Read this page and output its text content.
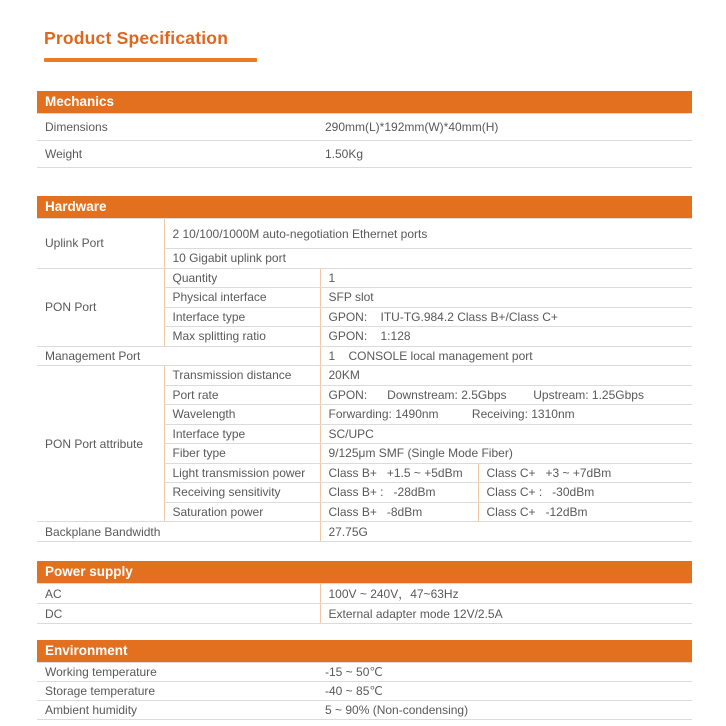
Product Specification
Mechanics
Dimensions	290mm(L)*192mm(W)*40mm(H)
Weight	1.50Kg
Hardware
Uplink Port	2 10/100/1000M auto-negotiation Ethernet ports		
	10 Gigabit uplink port		
PON Port	Quantity	1	
	Physical interface	SFP slot	
	Interface type	GPON:    ITU-TG.984.2 Class B+/Class C+	
	Max splitting ratio	GPON:    1:128	
Management Port		1    CONSOLE local management port	
PON Port attribute	Transmission distance	20KM	
	Port rate	GPON:      Downstream: 2.5Gbps        Upstream: 1.25Gbps	
	Wavelength	Forwarding: 1490nm          Receiving: 1310nm	
	Interface type	SC/UPC	
	Fiber type	9/125μm SMF (Single Mode Fiber)	
	Light transmission power	Class B+   +1.5 ~ +5dBm	Class C+   +3 ~ +7dBm
	Receiving sensitivity	Class B+ :   -28dBm	Class C+ :   -30dBm
	Saturation power	Class B+   -8dBm	Class C+   -12dBm
Backplane Bandwidth		27.75G	
Power supply
AC	100V ~ 240V，47~63Hz
DC	External adapter mode 12V/2.5A
Environment
Working temperature	-15 ~ 50℃
Storage temperature	-40 ~ 85℃
Ambient humidity	5 ~ 90% (Non-condensing)
